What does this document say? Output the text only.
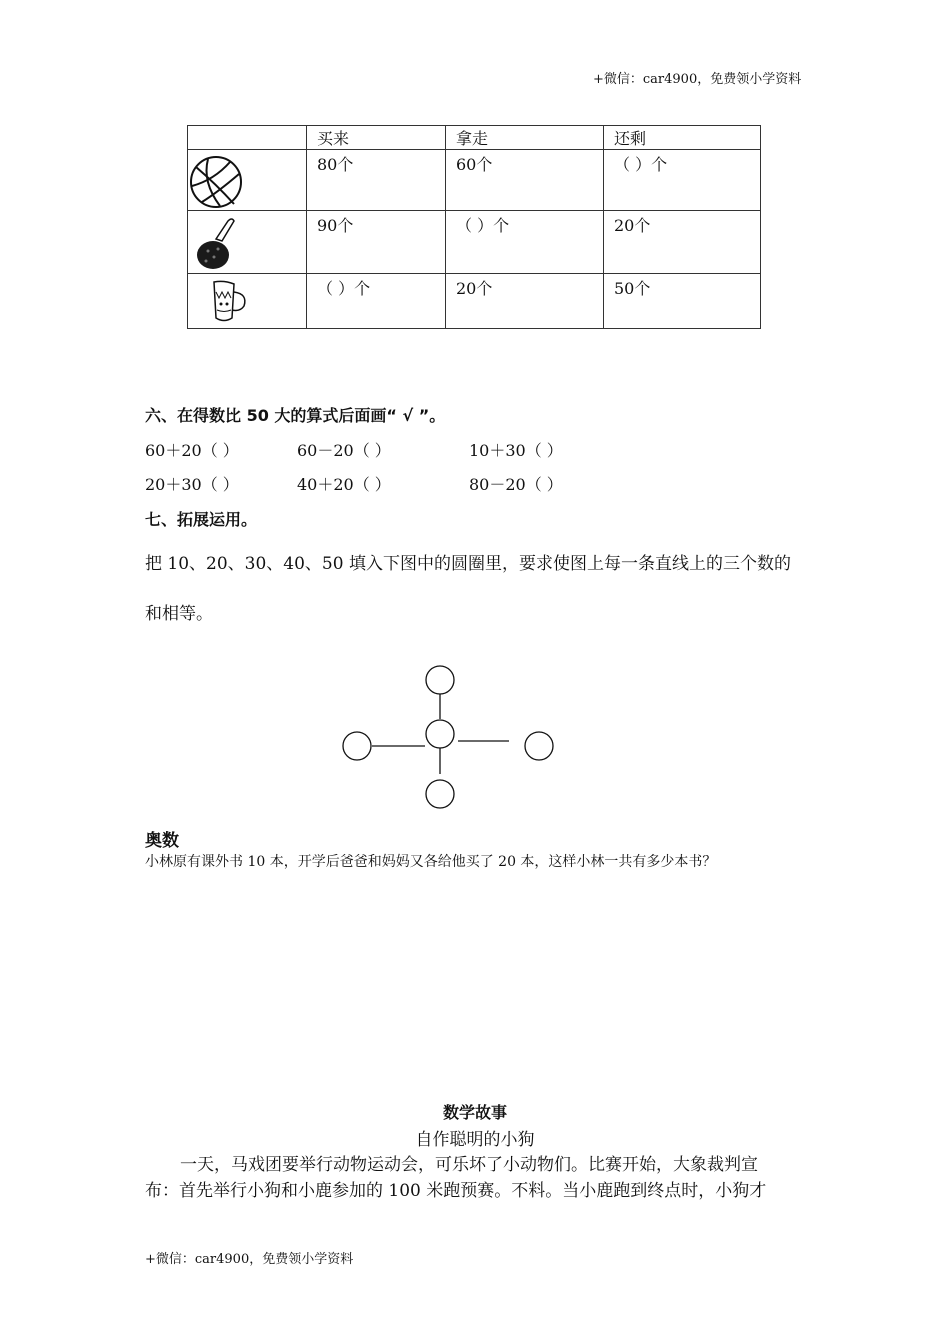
+微信：car4900，免费领小学资料
	买来	拿走	还剩

	80个	60个	（ ）个

	90个	（ ）个	20个

	（ ）个	20个	50个
六、在得数比 50 大的算式后面画“ √ ”。
60＋20（ ）	60－20（ ）	10＋30（ ）
20＋30（ ）	40＋20（ ）	80－20（ ）
七、拓展运用。
把 10、20、30、40、50 填入下图中的圆圈里，要求使图上每一条直线上的三个数的
和相等。
奥数
小林原有课外书 10 本，开学后爸爸和妈妈又各给他买了 20 本，这样小林一共有多少本书？
数学故事
自作聪明的小狗
一天，马戏团要举行动物运动会，可乐坏了小动物们。比赛开始，大象裁判宣
布：首先举行小狗和小鹿参加的 100 米跑预赛。不料。当小鹿跑到终点时，小狗才
+微信：car4900，免费领小学资料
